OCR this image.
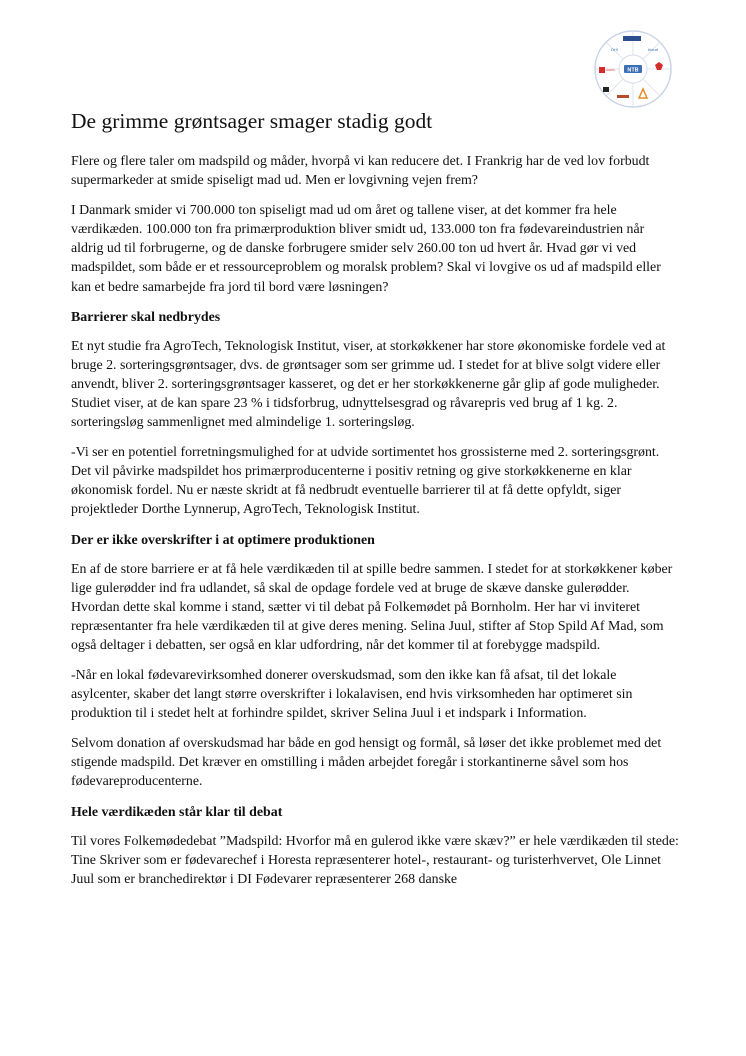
NTB
DHI	bioraf
AGRO
De grimme grøntsager smager stadig godt

Flere og flere taler om madspild og måder, hvorpå vi kan reducere det. I Frankrig har de ved lov forbudt supermarkeder at smide spiseligt mad ud. Men er lovgivning vejen frem?

I Danmark smider vi 700.000 ton spiseligt mad ud om året og tallene viser, at det kommer fra hele værdikæden. 100.000 ton fra primærproduktion bliver smidt ud, 133.000 ton fra fødevareindustrien når aldrig ud til forbrugerne, og de danske forbrugere smider selv 260.00 ton ud hvert år. Hvad gør vi ved madspildet, som både er et ressourceproblem og moralsk problem? Skal vi lovgive os ud af madspild eller kan et bedre samarbejde fra jord til bord være løsningen?

Barrierer skal nedbrydes

Et nyt studie fra AgroTech, Teknologisk Institut, viser, at storkøkkener har store økonomiske fordele ved at bruge 2. sorteringsgrøntsager, dvs. de grøntsager som ser grimme ud. I stedet for at blive solgt videre eller anvendt, bliver 2. sorteringsgrøntsager kasseret, og det er her storkøkkenerne går glip af gode muligheder. Studiet viser, at de kan spare 23 % i tidsforbrug, udnyttelsesgrad og råvarepris ved brug af 1 kg. 2. sorteringsløg sammenlignet med almindelige 1. sorteringsløg.

-Vi ser en potentiel forretningsmulighed for at udvide sortimentet hos grossisterne med 2. sorteringsgrønt. Det vil påvirke madspildet hos primærproducenterne i positiv retning og give storkøkkenerne en klar økonomisk fordel. Nu er næste skridt at få nedbrudt eventuelle barrierer til at få dette opfyldt, siger projektleder Dorthe Lynnerup, AgroTech, Teknologisk Institut.

Der er ikke overskrifter i at optimere produktionen

En af de store barriere er at få hele værdikæden til at spille bedre sammen. I stedet for at storkøkkener køber lige gulerødder ind fra udlandet, så skal de opdage fordele ved at bruge de skæve danske gulerødder. Hvordan dette skal komme i stand, sætter vi til debat på Folkemødet på Bornholm. Her har vi inviteret repræsentanter fra hele værdikæden til at give deres mening. Selina Juul, stifter af Stop Spild Af Mad, som også deltager i debatten, ser også en klar udfordring, når det kommer til at forebygge madspild.

-Når en lokal fødevarevirksomhed donerer overskudsmad, som den ikke kan få afsat, til det lokale asylcenter, skaber det langt større overskrifter i lokalavisen, end hvis virksomheden har optimeret sin produktion til i stedet helt at forhindre spildet, skriver Selina Juul i et indspark i Information.

Selvom donation af overskudsmad har både en god hensigt og formål, så løser det ikke problemet med det stigende madspild. Det kræver en omstilling i måden arbejdet foregår i storkantinerne såvel som hos fødevareproducenterne.

Hele værdikæden står klar til debat

Til vores Folkemødedebat ”Madspild: Hvorfor må en gulerod ikke være skæv?” er hele værdikæden til stede: Tine Skriver som er fødevarechef i Horesta repræsenterer hotel-, restaurant- og turisterhvervet, Ole Linnet Juul som er branchedirektør i DI Fødevarer repræsenterer 268 danske
